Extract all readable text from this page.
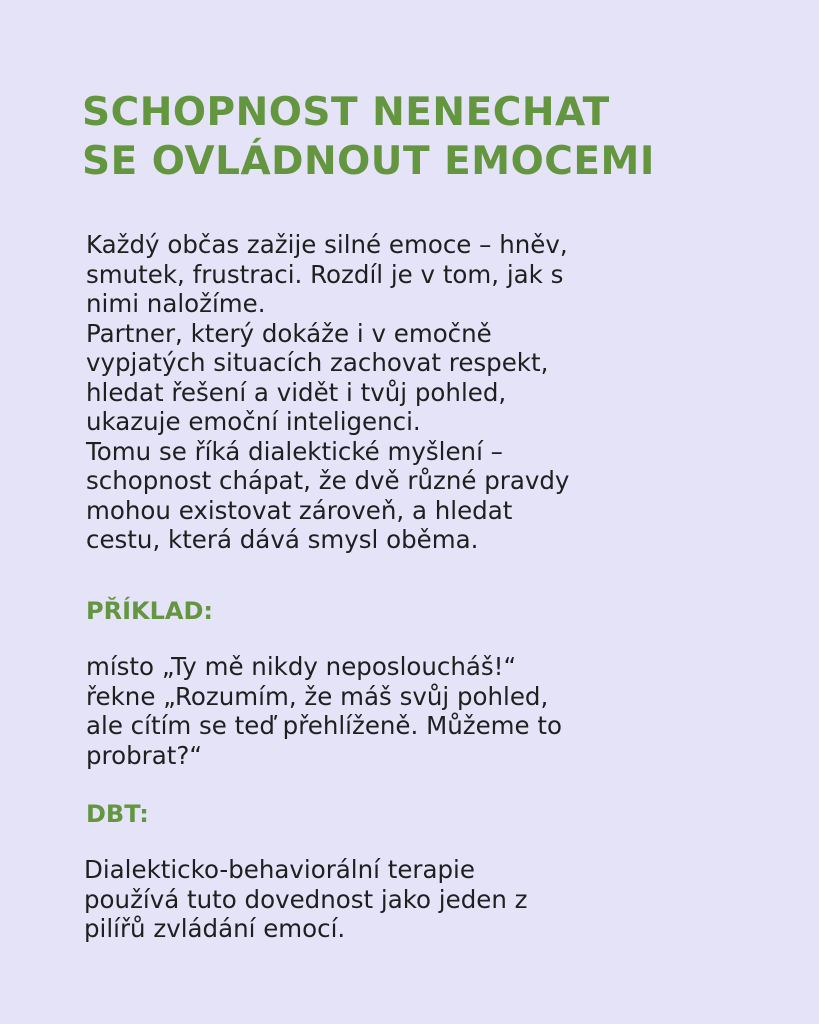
SCHOPNOST NENECHAT
SE OVLÁDNOUT EMOCEMI
Každý občas zažije silné emoce – hněv,
smutek, frustraci. Rozdíl je v tom, jak s
nimi naložíme.
Partner, který dokáže i v emočně
vypjatých situacích zachovat respekt,
hledat řešení a vidět i tvůj pohled,
ukazuje emoční inteligenci.
Tomu se říká dialektické myšlení –
schopnost chápat, že dvě různé pravdy
mohou existovat zároveň, a hledat
cestu, která dává smysl oběma.
PŘÍKLAD:
místo „Ty mě nikdy neposloucháš!“
řekne „Rozumím, že máš svůj pohled,
ale cítím se teď přehlíženě. Můžeme to
probrat?“
DBT:
Dialekticko-behaviorální terapie
používá tuto dovednost jako jeden z
pilířů zvládání emocí.
